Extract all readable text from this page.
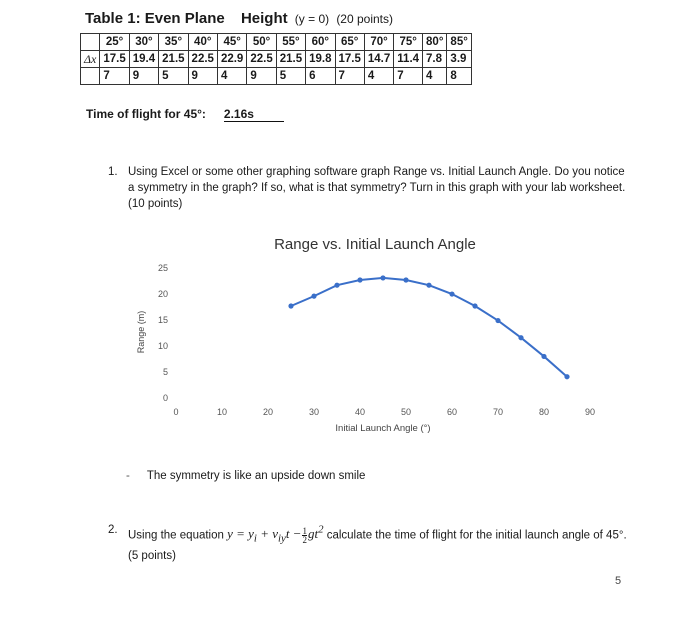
Table 1: Even Plane Height (y = 0) (20 points)
	25°	30°	35°	40°	45°	50°	55°	60°	65°	70°	75°	80°	85°
Δx	17.5	19.4	21.5	22.5	22.9	22.5	21.5	19.8	17.5	14.7	11.4	7.8	3.9
	7	9	5	9	4	9	5	6	7	4	7	4	8
Time of flight for 45°: 2.16s
1. Using Excel or some other graphing software graph Range vs. Initial Launch Angle. Do you notice a symmetry in the graph? If so, what is that symmetry? Turn in this graph with your lab worksheet. (10 points)
Range vs. Initial Launch Angle
0
5
10
15
20
25
0	10	20	30	40	50	60	70	80	90
Range (m)
Initial Launch Angle (°)
- The symmetry is like an upside down smile
2. Using the equation $y = y_i + v_{iy}t - \frac{1}{2} gt^2$ calculate the time of flight for the initial launch angle of 45°. (5 points)
5
